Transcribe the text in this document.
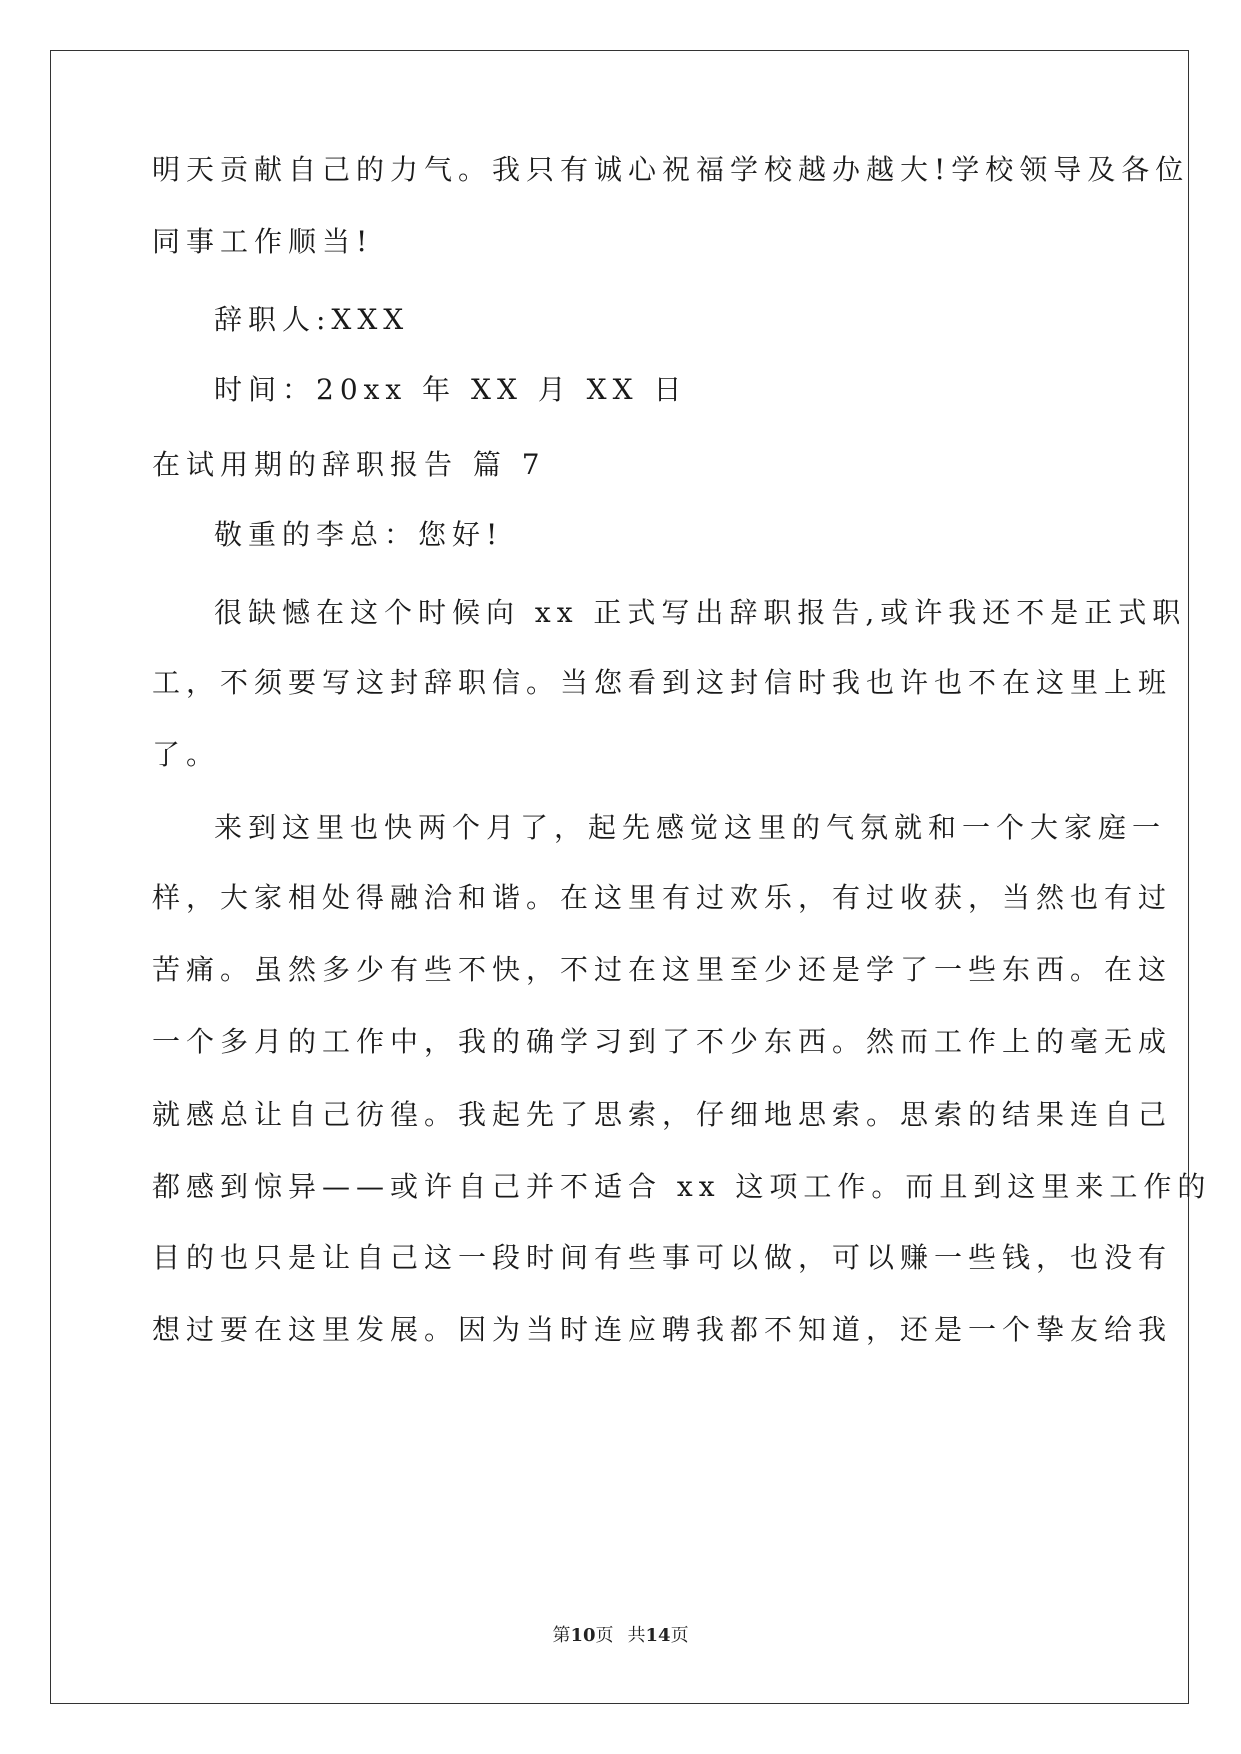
明天贡献自己的力气。我只有诚心祝福学校越办越大!学校领导及各位
同事工作顺当!
辞职人:XXX
时间：20xx 年 XX 月 XX 日
在试用期的辞职报告 篇 7
敬重的李总：您好!
很缺憾在这个时候向 xx 正式写出辞职报告,或许我还不是正式职
工，不须要写这封辞职信。当您看到这封信时我也许也不在这里上班
了。
来到这里也快两个月了，起先感觉这里的气氛就和一个大家庭一
样，大家相处得融洽和谐。在这里有过欢乐，有过收获，当然也有过
苦痛。虽然多少有些不快，不过在这里至少还是学了一些东西。在这
一个多月的工作中，我的确学习到了不少东西。然而工作上的毫无成
就感总让自己彷徨。我起先了思索，仔细地思索。思索的结果连自己
都感到惊异——或许自己并不适合 xx 这项工作。而且到这里来工作的
目的也只是让自己这一段时间有些事可以做，可以赚一些钱，也没有
想过要在这里发展。因为当时连应聘我都不知道，还是一个挚友给我
第10页 共14页
